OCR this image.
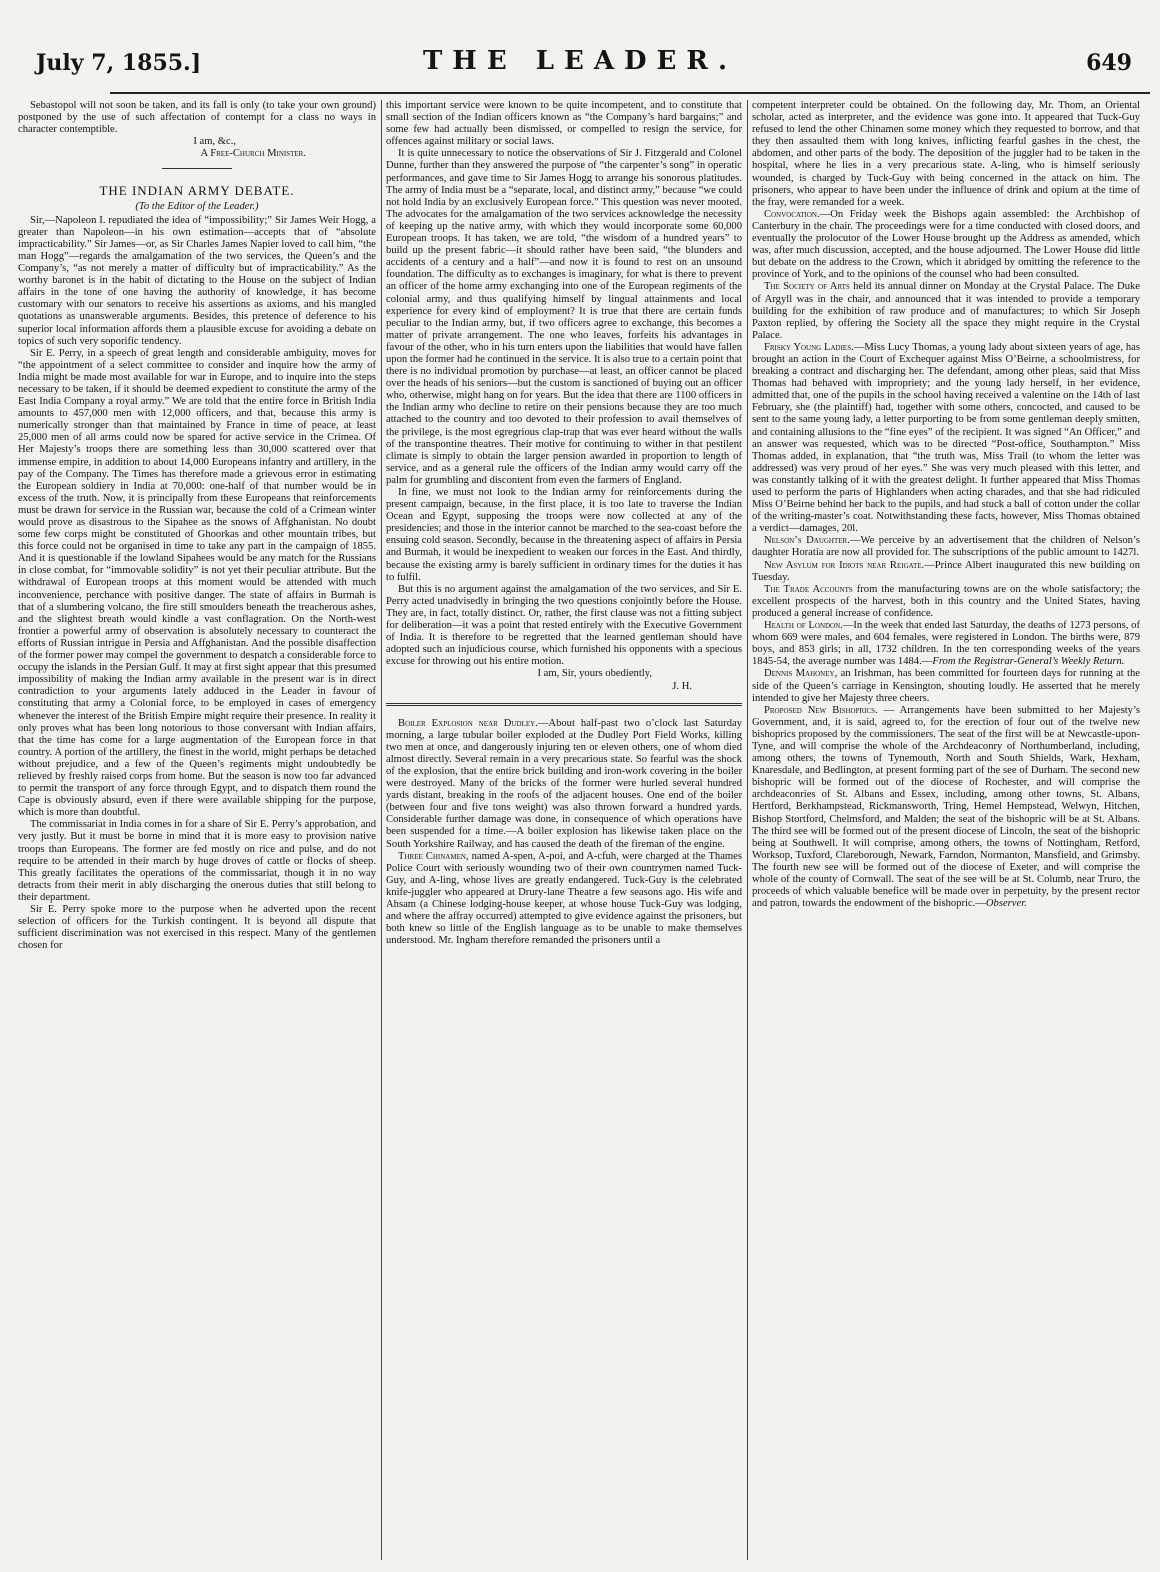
July 7, 1855.]	THE LEADER.	649

Sebastopol will not soon be taken, and its fall is only (to take your own ground) postponed by the use of such affectation of contempt for a class no ways in character contemptible.

I am, &c.,

A Free-Church Minister.

THE INDIAN ARMY DEBATE.
(To the Editor of the Leader.)

Sir,—Napoleon I. repudiated the idea of “impossibility;” Sir James Weir Hogg, a greater than Napoleon—in his own estimation—accepts that of “absolute impracticability.” Sir James—or, as Sir Charles James Napier loved to call him, “the man Hogg”—regards the amalgamation of the two services, the Queen’s and the Company’s, “as not merely a matter of difficulty but of impracticability.” As the worthy baronet is in the habit of dictating to the House on the subject of Indian affairs in the tone of one having the authority of knowledge, it has become customary with our senators to receive his assertions as axioms, and his mangled quotations as unanswerable arguments. Besides, this pretence of deference to his superior local information affords them a plausible excuse for avoiding a debate on topics of such very soporific tendency.

Sir E. Perry, in a speech of great length and considerable ambiguity, moves for “the appointment of a select committee to consider and inquire how the army of India might be made most available for war in Europe, and to inquire into the steps necessary to be taken, if it should be deemed expedient to constitute the army of the East India Company a royal army.” We are told that the entire force in British India amounts to 457,000 men with 12,000 officers, and that, because this army is numerically stronger than that maintained by France in time of peace, at least 25,000 men of all arms could now be spared for active service in the Crimea. Of Her Majesty’s troops there are something less than 30,000 scattered over that immense empire, in addition to about 14,000 Europeans infantry and artillery, in the pay of the Company. The Times has therefore made a grievous error in estimating the European soldiery in India at 70,000: one-half of that number would be in excess of the truth. Now, it is principally from these Europeans that reinforcements must be drawn for service in the Russian war, because the cold of a Crimean winter would prove as disastrous to the Sipahee as the snows of Affghanistan. No doubt some few corps might be constituted of Ghoorkas and other mountain tribes, but this force could not be organised in time to take any part in the campaign of 1855. And it is questionable if the lowland Sipahees would be any match for the Russians in close combat, for “immovable solidity” is not yet their peculiar attribute. But the withdrawal of European troops at this moment would be attended with much inconvenience, perchance with positive danger. The state of affairs in Burmah is that of a slumbering volcano, the fire still smoulders beneath the treacherous ashes, and the slightest breath would kindle a vast conflagration. On the North-west frontier a powerful army of observation is absolutely necessary to counteract the efforts of Russian intrigue in Persia and Affghanistan. And the possible disaffection of the former power may compel the government to despatch a considerable force to occupy the islands in the Persian Gulf. It may at first sight appear that this presumed impossibility of making the Indian army available in the present war is in direct contradiction to your arguments lately adduced in the Leader in favour of constituting that army a Colonial force, to be employed in cases of emergency whenever the interest of the British Empire might require their presence. In reality it only proves what has been long notorious to those conversant with Indian affairs, that the time has come for a large augmentation of the European force in that country. A portion of the artillery, the finest in the world, might perhaps be detached without prejudice, and a few of the Queen’s regiments might undoubtedly be relieved by freshly raised corps from home. But the season is now too far advanced to permit the transport of any force through Egypt, and to dispatch them round the Cape is obviously absurd, even if there were available shipping for the purpose, which is more than doubtful.

The commissariat in India comes in for a share of Sir E. Perry’s approbation, and very justly. But it must be borne in mind that it is more easy to provision native troops than Europeans. The former are fed mostly on rice and pulse, and do not require to be attended in their march by huge droves of cattle or flocks of sheep. This greatly facilitates the operations of the commissariat, though it in no way detracts from their merit in ably discharging the onerous duties that still belong to their department.

Sir E. Perry spoke more to the purpose when he adverted upon the recent selection of officers for the Turkish contingent. It is beyond all dispute that sufficient discrimination was not exercised in this respect. Many of the gentlemen chosen for

this important service were known to be quite incompetent, and to constitute that small section of the Indian officers known as “the Company’s hard bargains;” and some few had actually been dismissed, or compelled to resign the service, for offences against military or social laws.

It is quite unnecessary to notice the observations of Sir J. Fitzgerald and Colonel Dunne, further than they answered the purpose of “the carpenter’s song” in operatic performances, and gave time to Sir James Hogg to arrange his sonorous platitudes. The army of India must be a “separate, local, and distinct army,” because “we could not hold India by an exclusively European force.” This question was never mooted. The advocates for the amalgamation of the two services acknowledge the necessity of keeping up the native army, with which they would incorporate some 60,000 European troops. It has taken, we are told, “the wisdom of a hundred years” to build up the present fabric—it should rather have been said, “the blunders and accidents of a century and a half”—and now it is found to rest on an unsound foundation. The difficulty as to exchanges is imaginary, for what is there to prevent an officer of the home army exchanging into one of the European regiments of the colonial army, and thus qualifying himself by lingual attainments and local experience for every kind of employment? It is true that there are certain funds peculiar to the Indian army, but, if two officers agree to exchange, this becomes a matter of private arrangement. The one who leaves, forfeits his advantages in favour of the other, who in his turn enters upon the liabilities that would have fallen upon the former had he continued in the service. It is also true to a certain point that there is no individual promotion by purchase—at least, an officer cannot be placed over the heads of his seniors—but the custom is sanctioned of buying out an officer who, otherwise, might hang on for years. But the idea that there are 1100 officers in the Indian army who decline to retire on their pensions because they are too much attached to the country and too devoted to their profession to avail themselves of the privilege, is the most egregrious clap-trap that was ever heard without the walls of the transpontine theatres. Their motive for continuing to wither in that pestilent climate is simply to obtain the larger pension awarded in proportion to length of service, and as a general rule the officers of the Indian army would carry off the palm for grumbling and discontent from even the farmers of England.

In fine, we must not look to the Indian army for reinforcements during the present campaign, because, in the first place, it is too late to traverse the Indian Ocean and Egypt, supposing the troops were now collected at any of the presidencies; and those in the interior cannot be marched to the sea-coast before the ensuing cold season. Secondly, because in the threatening aspect of affairs in Persia and Burmah, it would be inexpedient to weaken our forces in the East. And thirdly, because the existing army is barely sufficient in ordinary times for the duties it has to fulfil.

But this is no argument against the amalgamation of the two services, and Sir E. Perry acted unadvisedly in bringing the two questions conjointly before the House. They are, in fact, totally distinct. Or, rather, the first clause was not a fitting subject for deliberation—it was a point that rested entirely with the Executive Government of India. It is therefore to be regretted that the learned gentleman should have adopted such an injudicious course, which furnished his opponents with a specious excuse for throwing out his entire motion.

I am, Sir, yours obediently,

J. H.

Boiler Explosion near Dudley.—About half-past two o’clock last Saturday morning, a large tubular boiler exploded at the Dudley Port Field Works, killing two men at once, and dangerously injuring ten or eleven others, one of whom died almost directly. Several remain in a very precarious state. So fearful was the shock of the explosion, that the entire brick building and iron-work covering in the boiler were destroyed. Many of the bricks of the former were hurled several hundred yards distant, breaking in the roofs of the adjacent houses. One end of the boiler (between four and five tons weight) was also thrown forward a hundred yards. Considerable further damage was done, in consequence of which operations have been suspended for a time.—A boiler explosion has likewise taken place on the South Yorkshire Railway, and has caused the death of the fireman of the engine.

Three Chinamen, named A-spen, A-poi, and A-cfuh, were charged at the Thames Police Court with seriously wounding two of their own countrymen named Tuck-Guy, and A-ling, whose lives are greatly endangered. Tuck-Guy is the celebrated knife-juggler who appeared at Drury-lane Theatre a few seasons ago. His wife and Ahsam (a Chinese lodging-house keeper, at whose house Tuck-Guy was lodging, and where the affray occurred) attempted to give evidence against the prisoners, but both knew so little of the English language as to be unable to make themselves understood. Mr. Ingham therefore remanded the prisoners until a

competent interpreter could be obtained. On the following day, Mr. Thom, an Oriental scholar, acted as interpreter, and the evidence was gone into. It appeared that Tuck-Guy refused to lend the other Chinamen some money which they requested to borrow, and that they then assaulted them with long knives, inflicting fearful gashes in the chest, the abdomen, and other parts of the body. The deposition of the juggler had to be taken in the hospital, where he lies in a very precarious state. A-ling, who is himself seriously wounded, is charged by Tuck-Guy with being concerned in the attack on him. The prisoners, who appear to have been under the influence of drink and opium at the time of the fray, were remanded for a week.

Convocation.—On Friday week the Bishops again assembled: the Archbishop of Canterbury in the chair. The proceedings were for a time conducted with closed doors, and eventually the prolocutor of the Lower House brought up the Address as amended, which was, after much discussion, accepted, and the house adjourned. The Lower House did little but debate on the address to the Crown, which it abridged by omitting the reference to the province of York, and to the opinions of the counsel who had been consulted.

The Society of Arts held its annual dinner on Monday at the Crystal Palace. The Duke of Argyll was in the chair, and announced that it was intended to provide a temporary building for the exhibition of raw produce and of manufactures; to which Sir Joseph Paxton replied, by offering the Society all the space they might require in the Crystal Palace.

Frisky Young Ladies.—Miss Lucy Thomas, a young lady about sixteen years of age, has brought an action in the Court of Exchequer against Miss O’Beirne, a schoolmistress, for breaking a contract and discharging her. The defendant, among other pleas, said that Miss Thomas had behaved with impropriety; and the young lady herself, in her evidence, admitted that, one of the pupils in the school having received a valentine on the 14th of last February, she (the plaintiff) had, together with some others, concocted, and caused to be sent to the same young lady, a letter purporting to be from some gentleman deeply smitten, and containing allusions to the “fine eyes” of the recipient. It was signed “An Officer,” and an answer was requested, which was to be directed “Post-office, Southampton.” Miss Thomas added, in explanation, that “the truth was, Miss Trail (to whom the letter was addressed) was very proud of her eyes.” She was very much pleased with this letter, and was constantly talking of it with the greatest delight. It further appeared that Miss Thomas used to perform the parts of Highlanders when acting charades, and that she had ridiculed Miss O’Beirne behind her back to the pupils, and had stuck a ball of cotton under the collar of the writing-master’s coat. Notwithstanding these facts, however, Miss Thomas obtained a verdict—damages, 20l.

Nelson’s Daughter.—We perceive by an advertisement that the children of Nelson’s daughter Horatia are now all provided for. The subscriptions of the public amount to 1427l.

New Asylum for Idiots near Reigate.—Prince Albert inaugurated this new building on Tuesday.

The Trade Accounts from the manufacturing towns are on the whole satisfactory; the excellent prospects of the harvest, both in this country and the United States, having produced a general increase of confidence.

Health of London.—In the week that ended last Saturday, the deaths of 1273 persons, of whom 669 were males, and 604 females, were registered in London. The births were, 879 boys, and 853 girls; in all, 1732 children. In the ten corresponding weeks of the years 1845-54, the average number was 1484.—From the Registrar-General’s Weekly Return.

Dennis Mahoney, an Irishman, has been committed for fourteen days for running at the side of the Queen’s carriage in Kensington, shouting loudly. He asserted that he merely intended to give her Majesty three cheers.

Proposed New Bishoprics. — Arrangements have been submitted to her Majesty’s Government, and, it is said, agreed to, for the erection of four out of the twelve new bishoprics proposed by the commissioners. The seat of the first will be at Newcastle-upon-Tyne, and will comprise the whole of the Archdeaconry of Northumberland, including, among others, the towns of Tynemouth, North and South Shields, Wark, Hexham, Knaresdale, and Bedlington, at present forming part of the see of Durham. The second new bishopric will be formed out of the diocese of Rochester, and will comprise the archdeaconries of St. Albans and Essex, including, among other towns, St. Albans, Hertford, Berkhampstead, Rickmansworth, Tring, Hemel Hempstead, Welwyn, Hitchen, Bishop Stortford, Chelmsford, and Malden; the seat of the bishopric will be at St. Albans. The third see will be formed out of the present diocese of Lincoln, the seat of the bishopric being at Southwell. It will comprise, among others, the towns of Nottingham, Retford, Worksop, Tuxford, Clareborough, Newark, Farndon, Normanton, Mansfield, and Grimsby. The fourth new see will be formed out of the diocese of Exeter, and will comprise the whole of the county of Cornwall. The seat of the see will be at St. Columb, near Truro, the proceeds of which valuable benefice will be made over in perpetuity, by the present rector and patron, towards the endowment of the bishopric.—Observer.
